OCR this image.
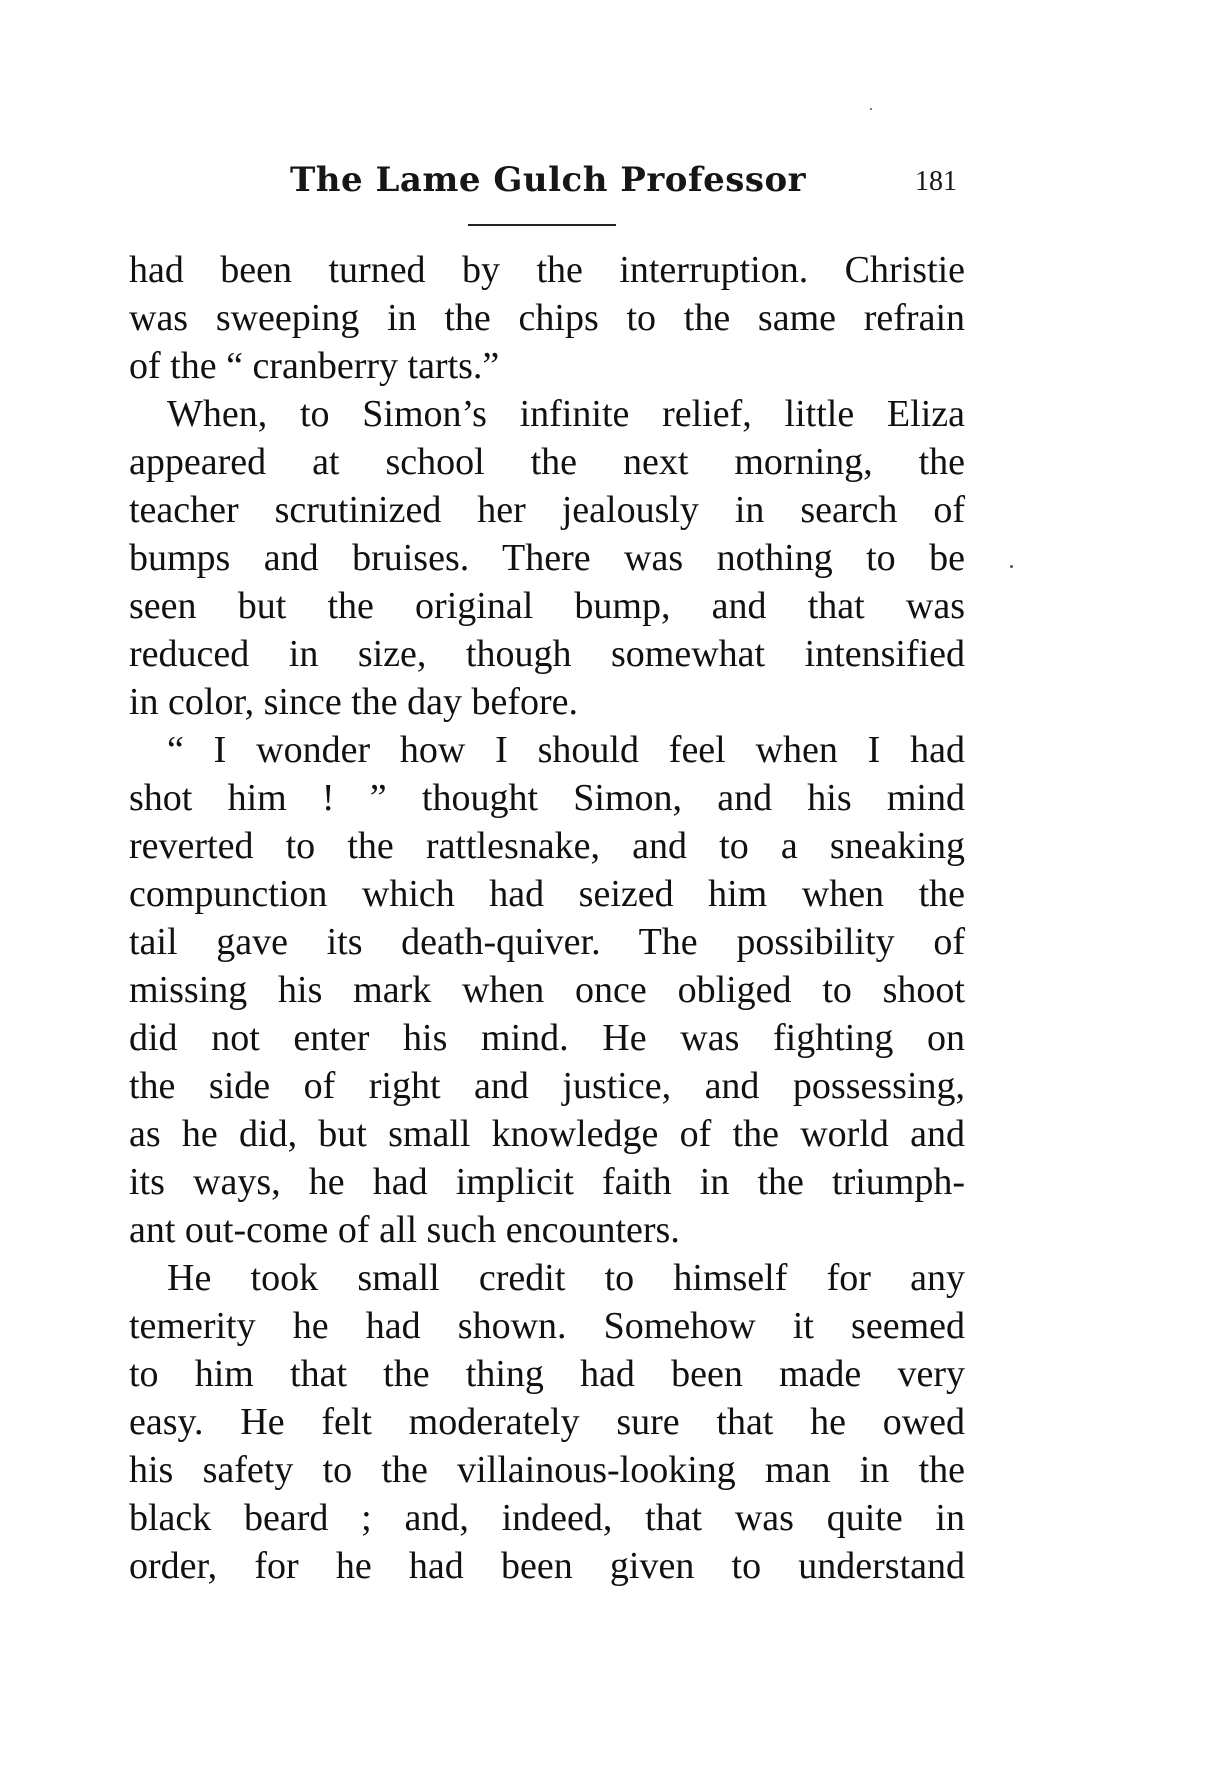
The Lame Gulch Professor	181
had been turned by the interruption. Christie
was sweeping in the chips to the same refrain
of the “ cranberry tarts.”
When, to Simon’s infinite relief, little Eliza
appeared at school the next morning, the
teacher scrutinized her jealously in search of
bumps and bruises. There was nothing to be
seen but the original bump, and that was
reduced in size, though somewhat intensified
in color, since the day before.
“ I wonder how I should feel when I had
shot him ! ” thought Simon, and his mind
reverted to the rattlesnake, and to a sneaking
compunction which had seized him when the
tail gave its death-quiver. The possibility of
missing his mark when once obliged to shoot
did not enter his mind. He was fighting on
the side of right and justice, and possessing,
as he did, but small knowledge of the world and
its ways, he had implicit faith in the triumph-
ant out-come of all such encounters.
He took small credit to himself for any
temerity he had shown. Somehow it seemed
to him that the thing had been made very
easy. He felt moderately sure that he owed
his safety to the villainous-looking man in the
black beard ; and, indeed, that was quite in
order, for he had been given to understand
